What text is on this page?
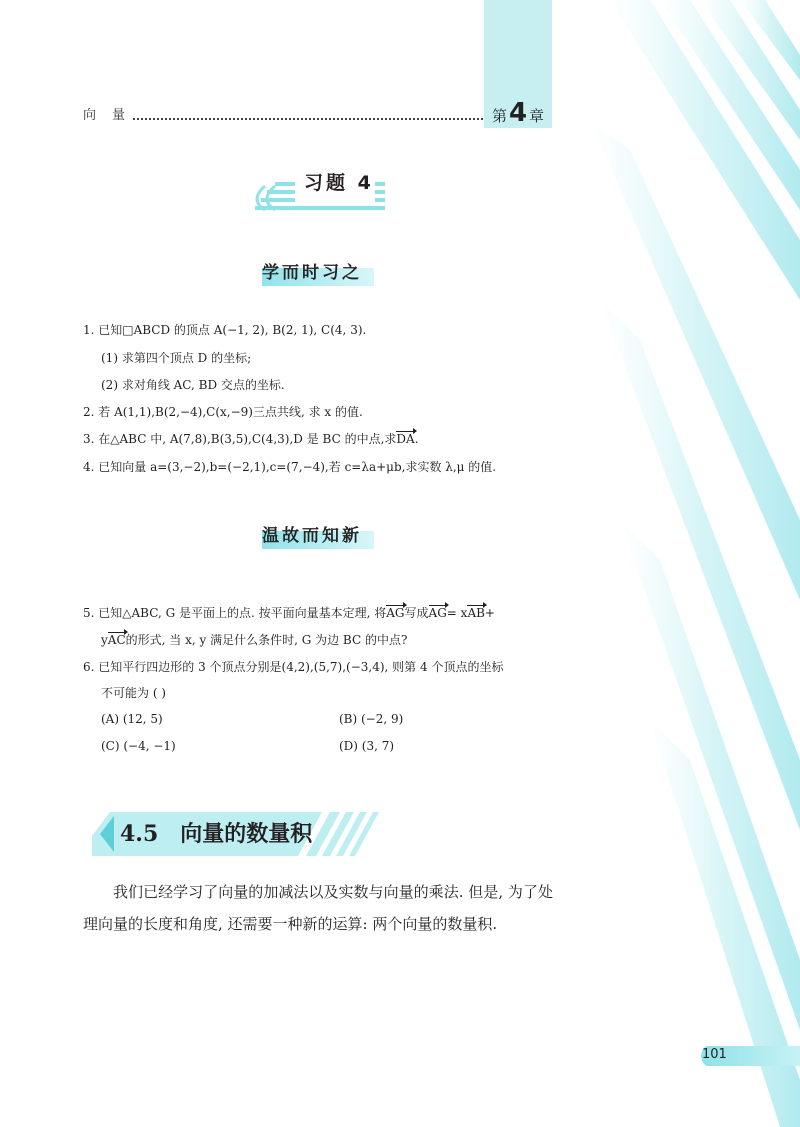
向量	第4 章
习题 4
学而时习之
1. 已知□ABCD 的顶点 A(−1, 2), B(2, 1), C(4, 3).
(1) 求第四个顶点 D 的坐标;
(2) 求对角线 AC, BD 交点的坐标.
2. 若 A(1,1),B(2,−4),C(x,−9)三点共线, 求 x 的值.
3. 在△ABC 中, A(7,8),B(3,5),C(4,3),D 是 BC 的中点,求DA.
4. 已知向量 a=(3,−2),b=(−2,1),c=(7,−4),若 c=λa+μb,求实数 λ,μ 的值.
温故而知新
5. 已知△ABC, G 是平面上的点. 按平面向量基本定理, 将AG写成AG= xAB+
yAC的形式, 当 x, y 满足什么条件时, G 为边 BC 的中点?
6. 已知平行四边形的 3 个顶点分别是(4,2),(5,7),(−3,4), 则第 4 个顶点的坐标
不可能为 ( )
(A) (12, 5)	(B) (−2, 9)
(C) (−4, −1)	(D) (3, 7)
4.5 向量的数量积
我们已经学习了向量的加减法以及实数与向量的乘法. 但是, 为了处理向量的长度和角度, 还需要一种新的运算: 两个向量的数量积.
101
